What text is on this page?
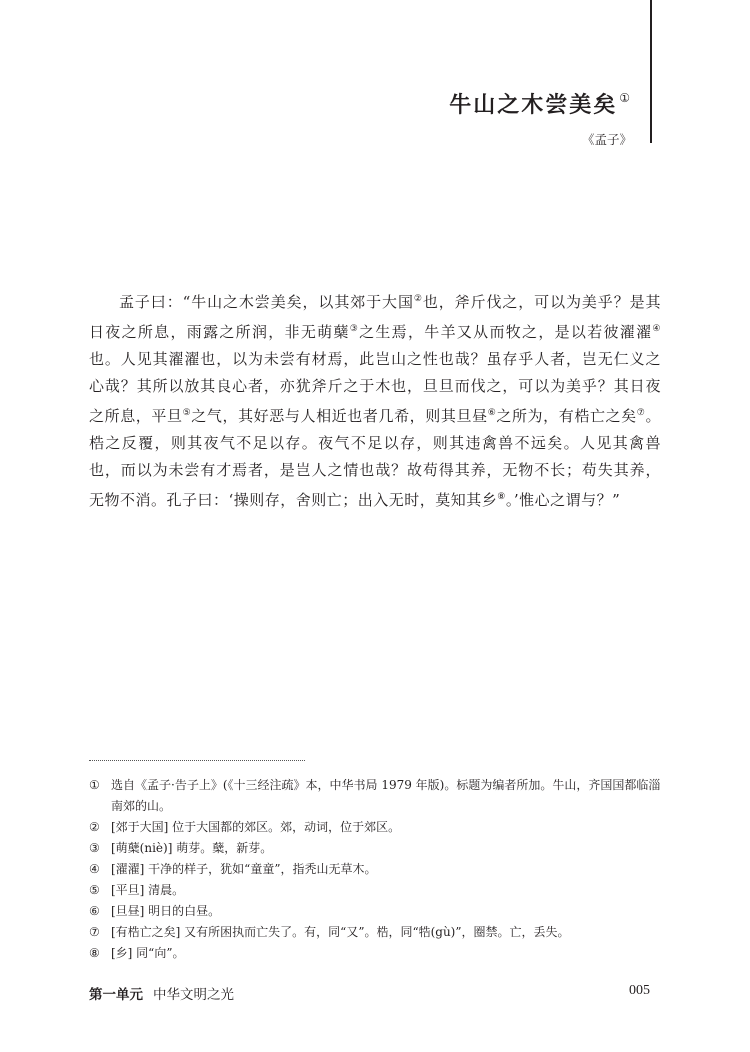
牛山之木尝美矣 ①
《孟子》

孟子曰：“牛山之木尝美矣，以其郊于大国②也，斧斤伐之，可以为美乎？是其日夜之所息，雨露之所润，非无萌蘖③之生焉，牛羊又从而牧之，是以若彼濯濯④也。人见其濯濯也，以为未尝有材焉，此岂山之性也哉？虽存乎人者，岂无仁义之心哉？其所以放其良心者，亦犹斧斤之于木也，旦旦而伐之，可以为美乎？其日夜之所息，平旦⑤之气，其好恶与人相近也者几希，则其旦昼⑥之所为，有梏亡之矣⑦。梏之反覆，则其夜气不足以存。夜气不足以存，则其违禽兽不远矣。人见其禽兽也，而以为未尝有才焉者，是岂人之情也哉？故苟得其养，无物不长；苟失其养，无物不消。孔子曰：‘操则存，舍则亡；出入无时，莫知其乡⑧。’惟心之谓与？”

① 选自《孟子·告子上》(《十三经注疏》本，中华书局 1979 年版)。标题为编者所加。牛山，齐国国都临淄南郊的山。
② [郊于大国] 位于大国都的郊区。郊，动词，位于郊区。
③ [萌蘖(niè)] 萌芽。蘖，新芽。
④ [濯濯] 干净的样子，犹如“童童”，指秃山无草木。
⑤ [平旦] 清晨。
⑥ [旦昼] 明日的白昼。
⑦ [有梏亡之矣] 又有所困执而亡失了。有，同“又”。梏，同“牿(gù)”，圈禁。亡，丢失。
⑧ [乡] 同“向”。
第一单元 中华文明之光	005
